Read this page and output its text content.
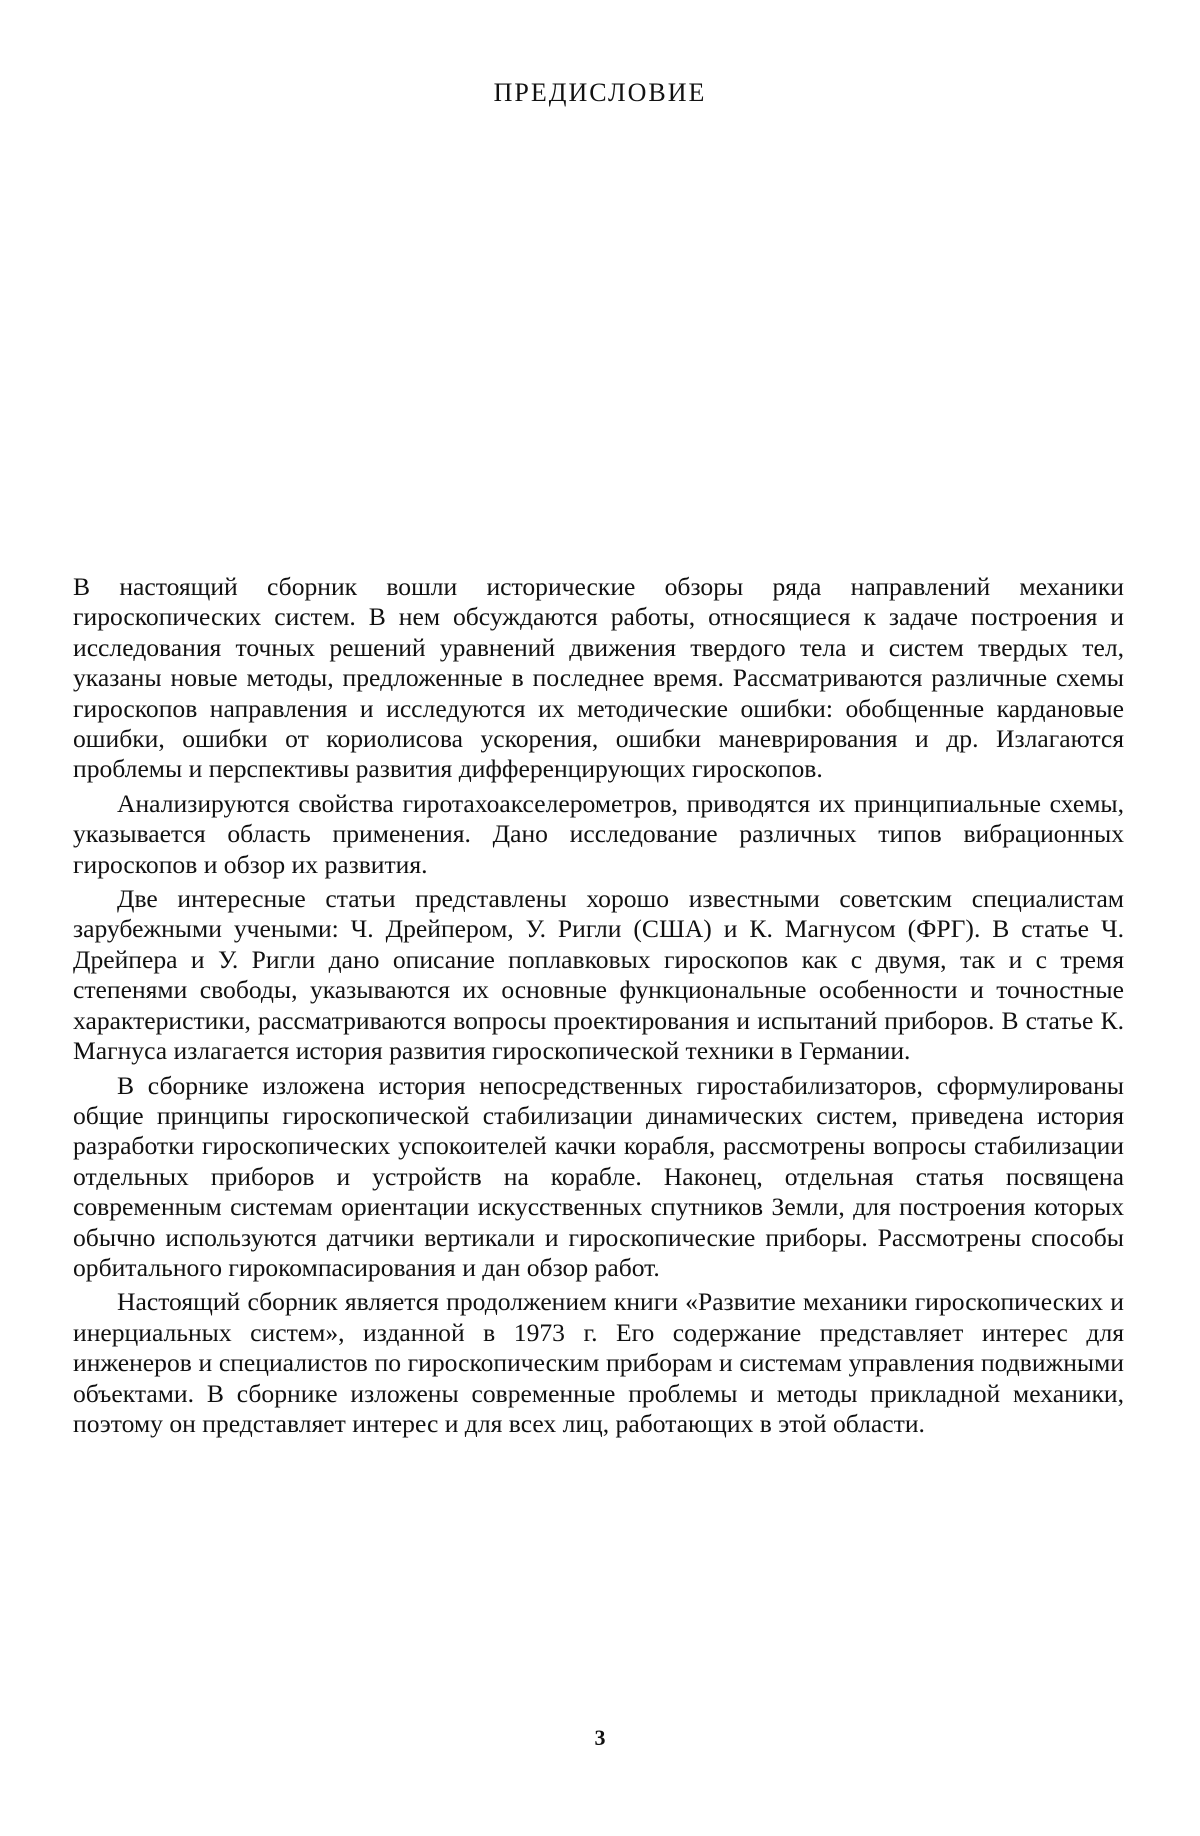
ПРЕДИСЛОВИЕ

В настоящий сборник вошли исторические обзоры ряда направлений механики гироскопических систем. В нем обсуждаются работы, относящиеся к задаче построения и исследования точных решений уравнений движения твердого тела и систем твердых тел, указаны новые методы, предложенные в последнее время. Рассматриваются различные схемы гироскопов направления и исследуются их методические ошибки: обобщенные кардановые ошибки, ошибки от кориолисова ускорения, ошибки маневрирования и др. Излагаются проблемы и перспективы развития дифференцирующих гироскопов.

Анализируются свойства гиротахоакселерометров, приводятся их принципиальные схемы, указывается область применения. Дано исследование различных типов вибрационных гироскопов и обзор их развития.

Две интересные статьи представлены хорошо известными советским специалистам зарубежными учеными: Ч. Дрейпером, У. Ригли (США) и К. Магнусом (ФРГ). В статье Ч. Дрейпера и У. Ригли дано описание поплавковых гироскопов как с двумя, так и с тремя степенями свободы, указываются их основные функциональные особенности и точностные характеристики, рассматриваются вопросы проектирования и испытаний приборов. В статье К. Магнуса излагается история развития гироскопической техники в Германии.

В сборнике изложена история непосредственных гиростабилизаторов, сформулированы общие принципы гироскопической стабилизации динамических систем, приведена история разработки гироскопических успокоителей качки корабля, рассмотрены вопросы стабилизации отдельных приборов и устройств на корабле. Наконец, отдельная статья посвящена современным системам ориентации искусственных спутников Земли, для построения которых обычно используются датчики вертикали и гироскопические приборы. Рассмотрены способы орбитального гирокомпасирования и дан обзор работ.

Настоящий сборник является продолжением книги «Развитие механики гироскопических и инерциальных систем», изданной в 1973 г. Его содержание представляет интерес для инженеров и специалистов по гироскопическим приборам и системам управления подвижными объектами. В сборнике изложены современные проблемы и методы прикладной механики, поэтому он представляет интерес и для всех лиц, работающих в этой области.

3
